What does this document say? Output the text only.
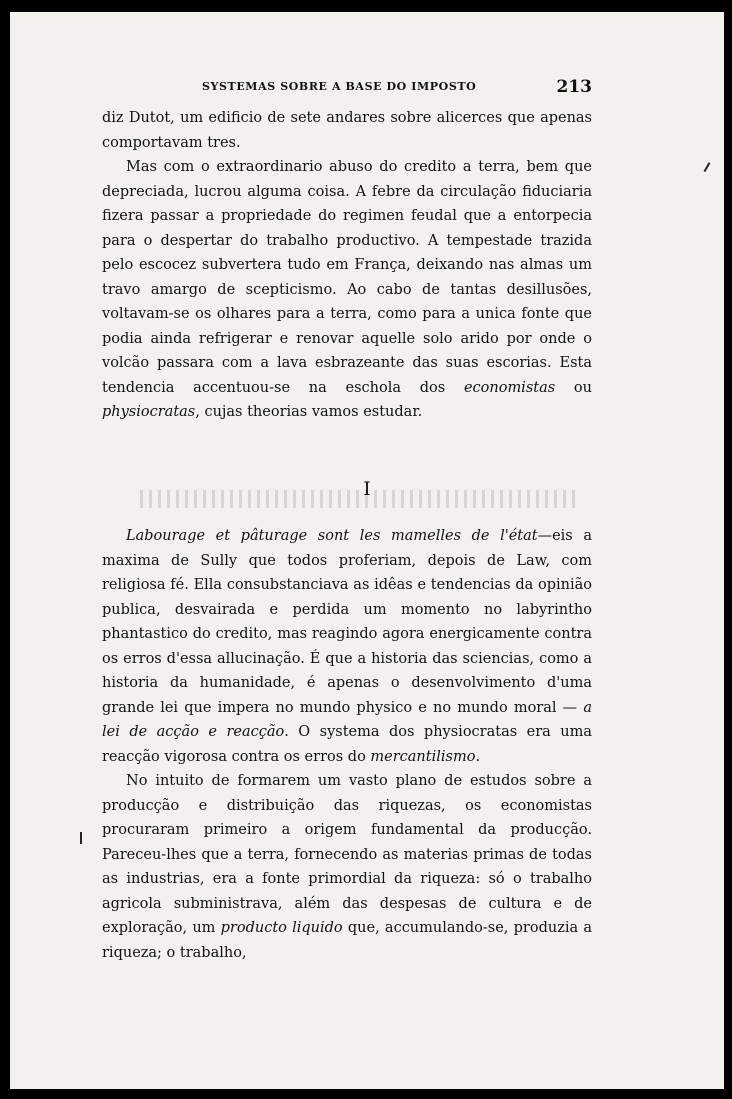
SYSTEMAS SOBRE A BASE DO IMPOSTO	213

diz Dutot, um edificio de sete andares sobre alicerces que apenas comportavam tres.

Mas com o extraordinario abuso do credito a terra, bem que depreciada, lucrou alguma coisa. A febre da circulação fiduciaria fizera passar a propriedade do regimen feudal que a entorpecia para o despertar do trabalho productivo. A tempestade trazida pelo escocez subvertera tudo em França, deixando nas almas um travo amargo de scepticismo. Ao cabo de tantas desillusões, voltavam-se os olhares para a terra, como para a unica fonte que podia ainda refrigerar e renovar aquelle solo arido por onde o volcão passara com a lava esbrazeante das suas escorias. Esta tendencia accentuou-se na eschola dos economistas ou physiocratas, cujas theorias vamos estudar.

I

Labourage et pâturage sont les mamelles de l'état—eis a maxima de Sully que todos proferiam, depois de Law, com religiosa fé. Ella consubstanciava as idêas e tendencias da opinião publica, desvairada e perdida um momento no labyrintho phantastico do credito, mas reagindo agora energicamente contra os erros d'essa allucinação. É que a historia das sciencias, como a historia da humanidade, é apenas o desenvolvimento d'uma grande lei que impera no mundo physico e no mundo moral — a lei de acção e reacção. O systema dos physiocratas era uma reacção vigorosa contra os erros do mercantilismo.

No intuito de formarem um vasto plano de estudos sobre a producção e distribuição das riquezas, os economistas procuraram primeiro a origem fundamental da producção. Pareceu-lhes que a terra, fornecendo as materias primas de todas as industrias, era a fonte primordial da riqueza: só o trabalho agricola subministrava, além das despesas de cultura e de exploração, um producto liquido que, accumulando-se, produzia a riqueza; o trabalho,
